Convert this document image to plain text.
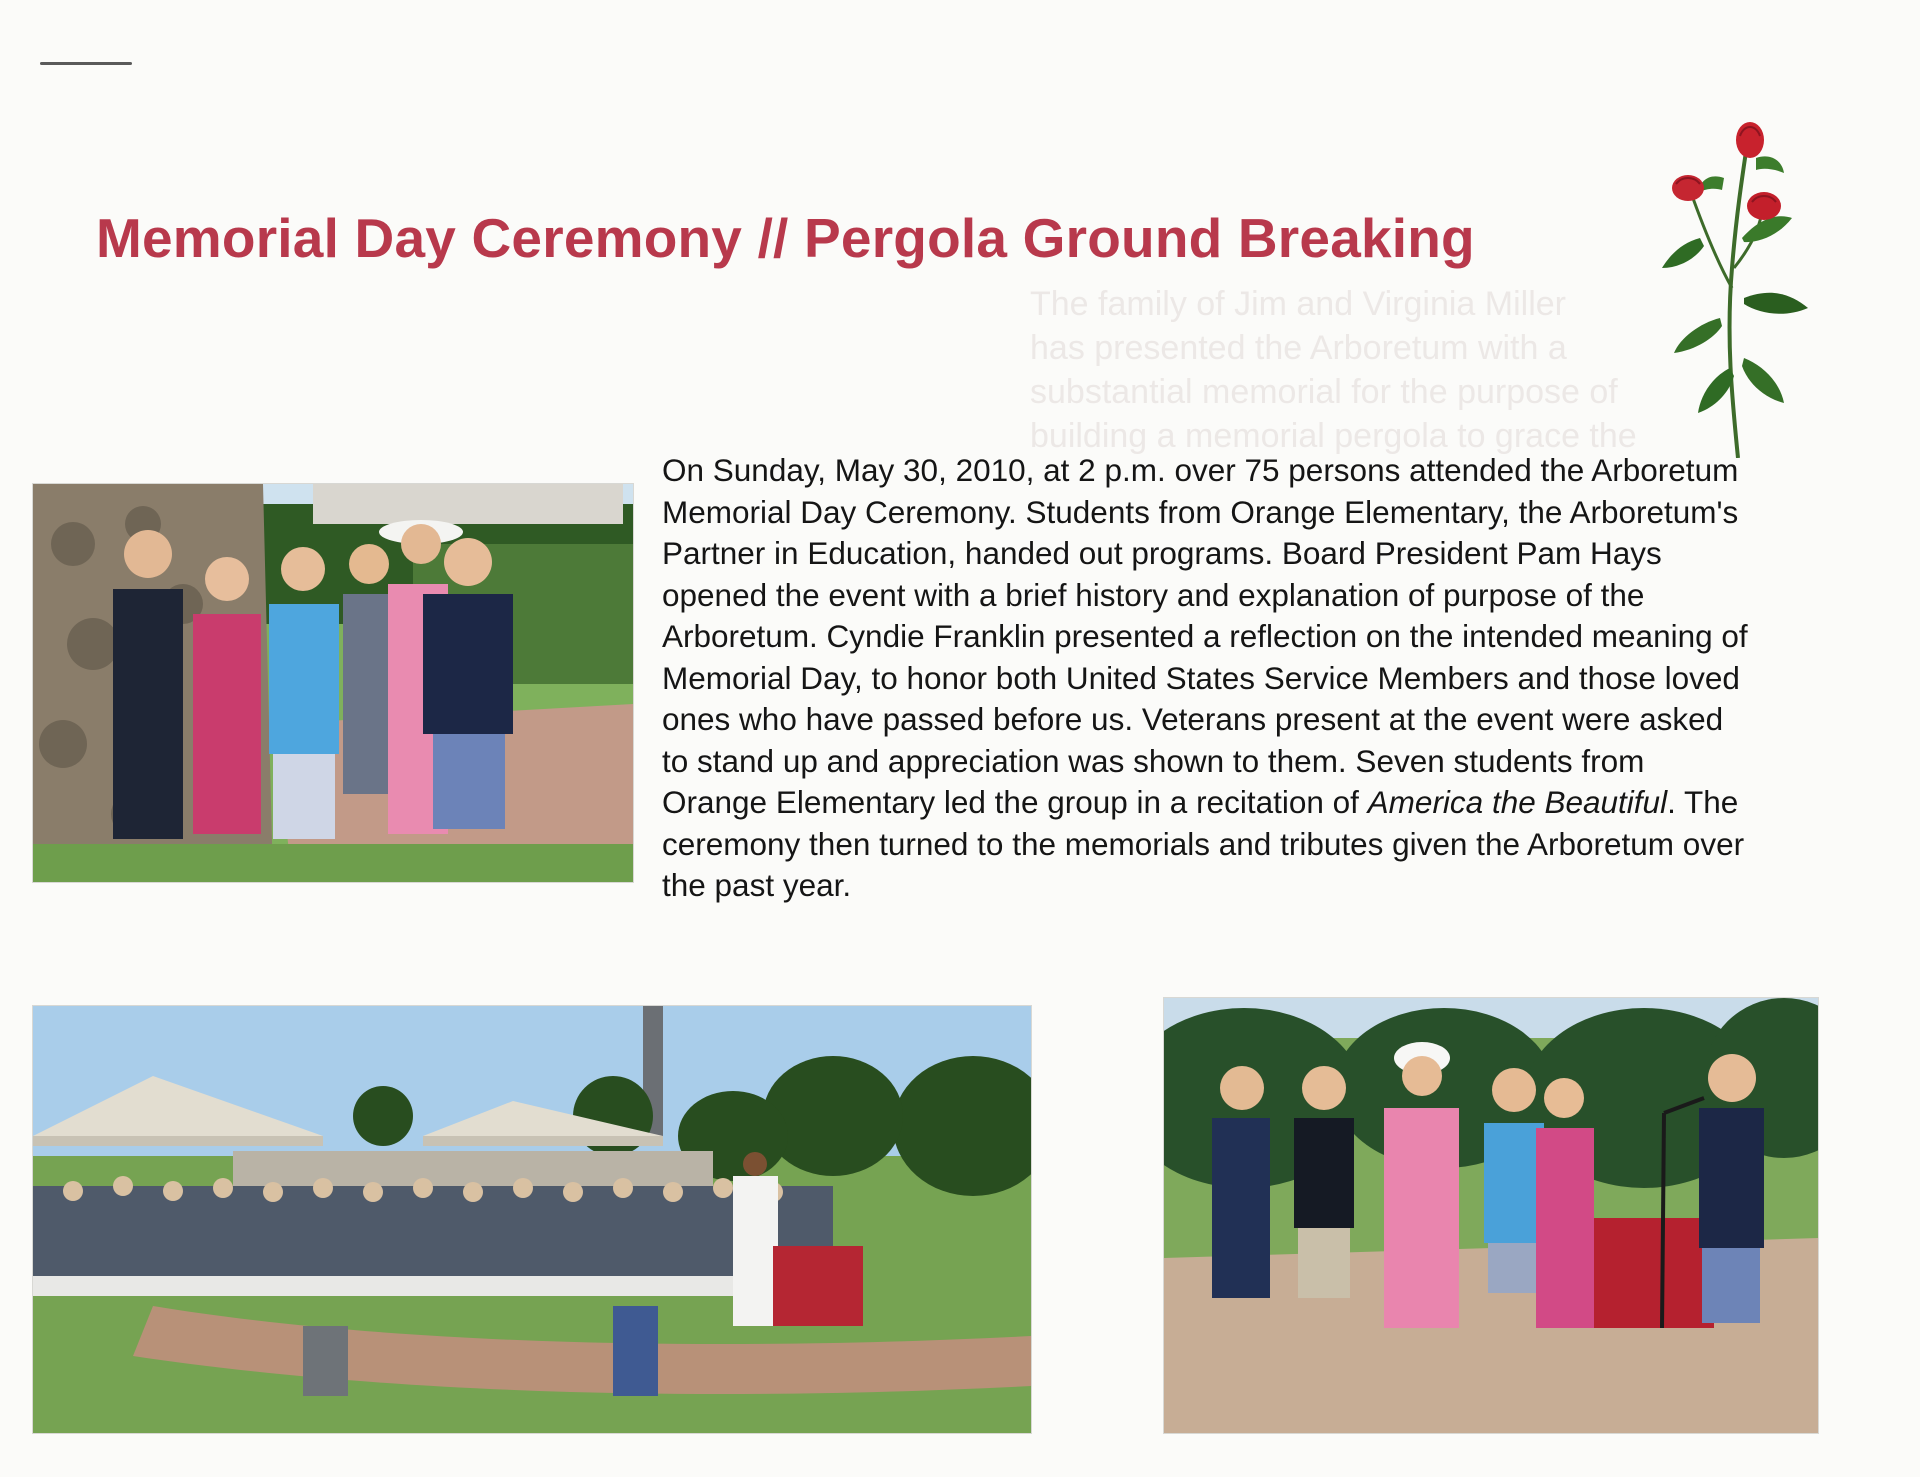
The family of Jim and Virginia Miller
has presented the Arboretum with a
substantial memorial for the purpose of
building a memorial pergola to grace the
Memorial Day Ceremony // Pergola Ground Breaking

On Sunday, May 30, 2010, at 2 p.m. over 75 persons attended the Arboretum Memorial Day Ceremony. Students from Orange Elementary, the Arboretum's Partner in Education, handed out programs. Board President Pam Hays opened the event with a brief history and explanation of purpose of the Arboretum. Cyndie Franklin presented a reflection on the intended meaning of Memorial Day, to honor both United States Service Members and those loved ones who have passed before us. Veterans present at the event were asked to stand up and appreciation was shown to them. Seven students from Orange Elementary led the group in a recitation of America the Beautiful. The ceremony then turned to the memorials and tributes given the Arboretum over the past year.
